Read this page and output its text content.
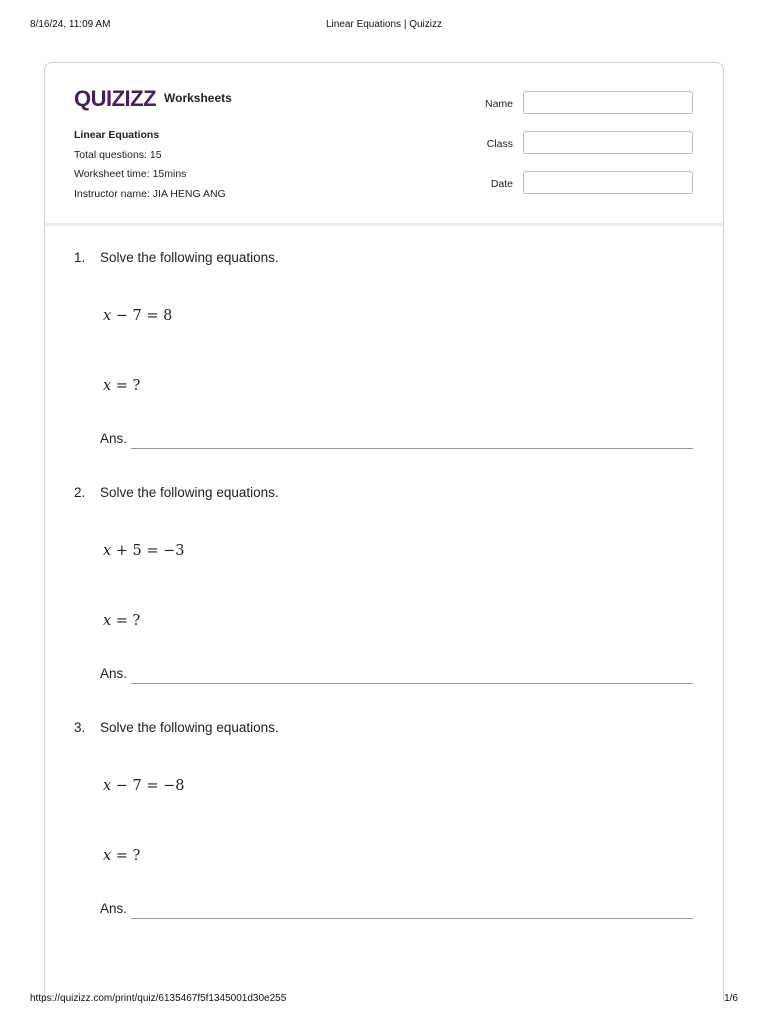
Linear Equations | Quizizz
8/16/24, 11:09 AM
QUIZIZZ Worksheets
Linear Equations
Total questions: 15
Worksheet time: 15mins
Instructor name: JIA HENG ANG
Name
Class
Date
1. Solve the following equations.
x − 7 = 8
x = ?
Ans.
2. Solve the following equations.
x + 5 = −3
x = ?
Ans.
3. Solve the following equations.
x − 7 = −8
x = ?
Ans.
https://quizizz.com/print/quiz/6135467f5f1345001d30e255	1/6
